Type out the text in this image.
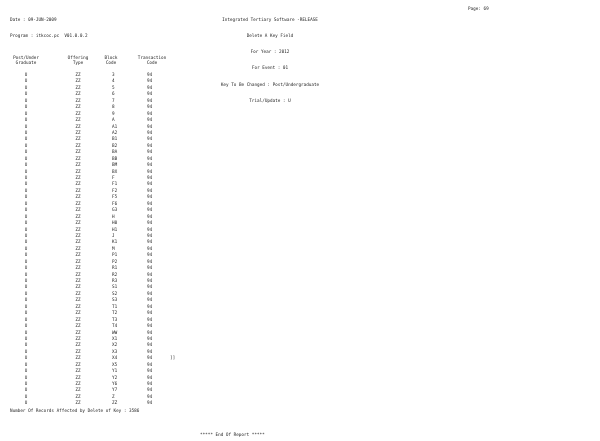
Date : 09-JUN-2009

Program : itkcoc.pc  V01.0.0.2

Integrated Tertiary Software -RELEASE

Delete A Key Field

For Year : 2012

For Event : 01

Key To Be Changed : Post/Undergraduate

Trial/Update : U

Page: 69
Post/Under
Graduate
Offering
Type
Block
Code
Transaction
Code
U	ZZ	3	94
U	ZZ	4	94
U	ZZ	5	94
U	ZZ	6	94
U	ZZ	7	94
U	ZZ	8	94
U	ZZ	9	94
U	ZZ	A	94
U	ZZ	A1	94
U	ZZ	A2	94
U	ZZ	B1	94
U	ZZ	B2	94
U	ZZ	BA	94
U	ZZ	BB	94
U	ZZ	BM	94
U	ZZ	BX	94
U	ZZ	F	94
U	ZZ	F1	94
U	ZZ	F2	94
U	ZZ	F5	94
U	ZZ	F6	94
U	ZZ	G3	94
U	ZZ	H	94
U	ZZ	H0	94
U	ZZ	H1	94
U	ZZ	J	94
U	ZZ	K1	94
U	ZZ	M	94
U	ZZ	P1	94
U	ZZ	P2	94
U	ZZ	R1	94
U	ZZ	R2	94
U	ZZ	R3	94
U	ZZ	S1	94
U	ZZ	S2	94
U	ZZ	S3	94
U	ZZ	T1	94
U	ZZ	T2	94
U	ZZ	T3	94
U	ZZ	T4	94
U	ZZ	WW	94
U	ZZ	X1	94
U	ZZ	X2	94
U	ZZ	X3	94
U	ZZ	X4	94	]]
U	ZZ	X5	94
U	ZZ	Y1	94
U	ZZ	Y2	94
U	ZZ	Y6	94
U	ZZ	Y7	94
U	ZZ	Z	94
U	ZZ	ZZ	94
Number Of Records Affected by Delete of Key : 3586
***** End Of Report *****
